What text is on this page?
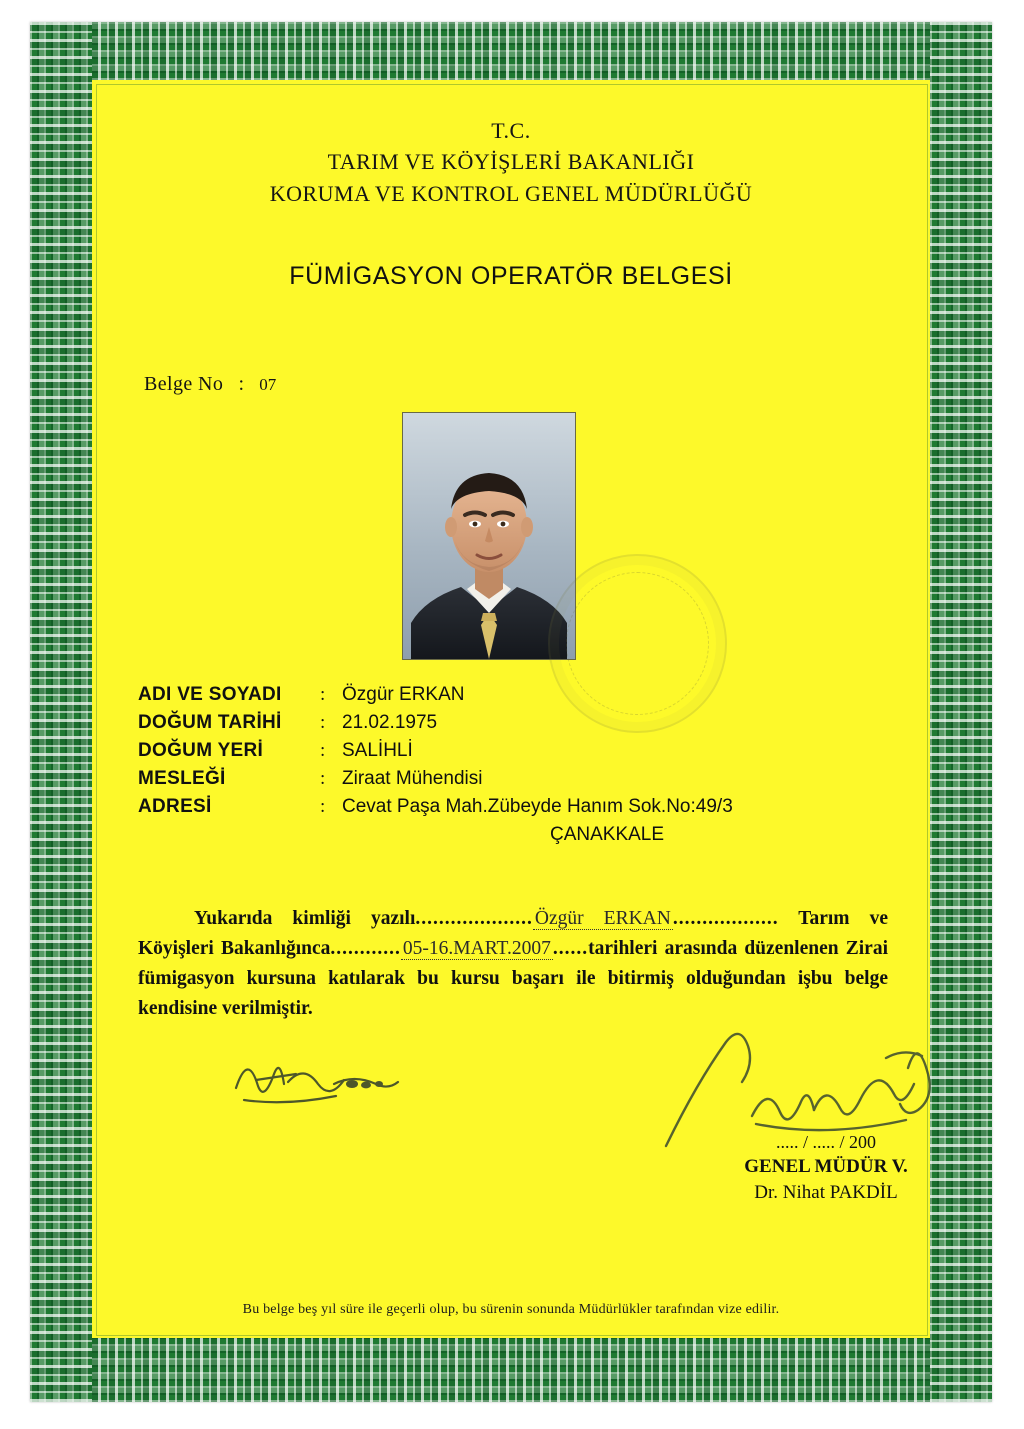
T.C.
TARIM VE KÖYİŞLERİ BAKANLIĞI
KORUMA VE KONTROL GENEL MÜDÜRLÜĞÜ
FÜMİGASYON OPERATÖR BELGESİ
Belge No : 07
ADI VE SOYADI	: Özgür ERKAN
DOĞUM TARİHİ	: 21.02.1975
DOĞUM YERİ	: SALİHLİ
MESLEĞİ	: Ziraat Mühendisi
ADRESİ	: Cevat Paşa Mah.Zübeyde Hanım Sok.No:49/3
ÇANAKKALE
Yukarıda kimliği yazılı.................... Özgür ERKAN .................. Tarım ve Köyişleri Bakanlığınca............ 05-16.MART.2007 ......tarihleri arasında düzenlenen Zirai fümigasyon kursuna katılarak bu kursu başarı ile bitirmiş olduğundan işbu belge kendisine verilmiştir.
..... / ..... / 200
GENEL MÜDÜR V.
Dr. Nihat PAKDİL
Bu belge beş yıl süre ile geçerli olup, bu sürenin sonunda Müdürlükler tarafından vize edilir.
